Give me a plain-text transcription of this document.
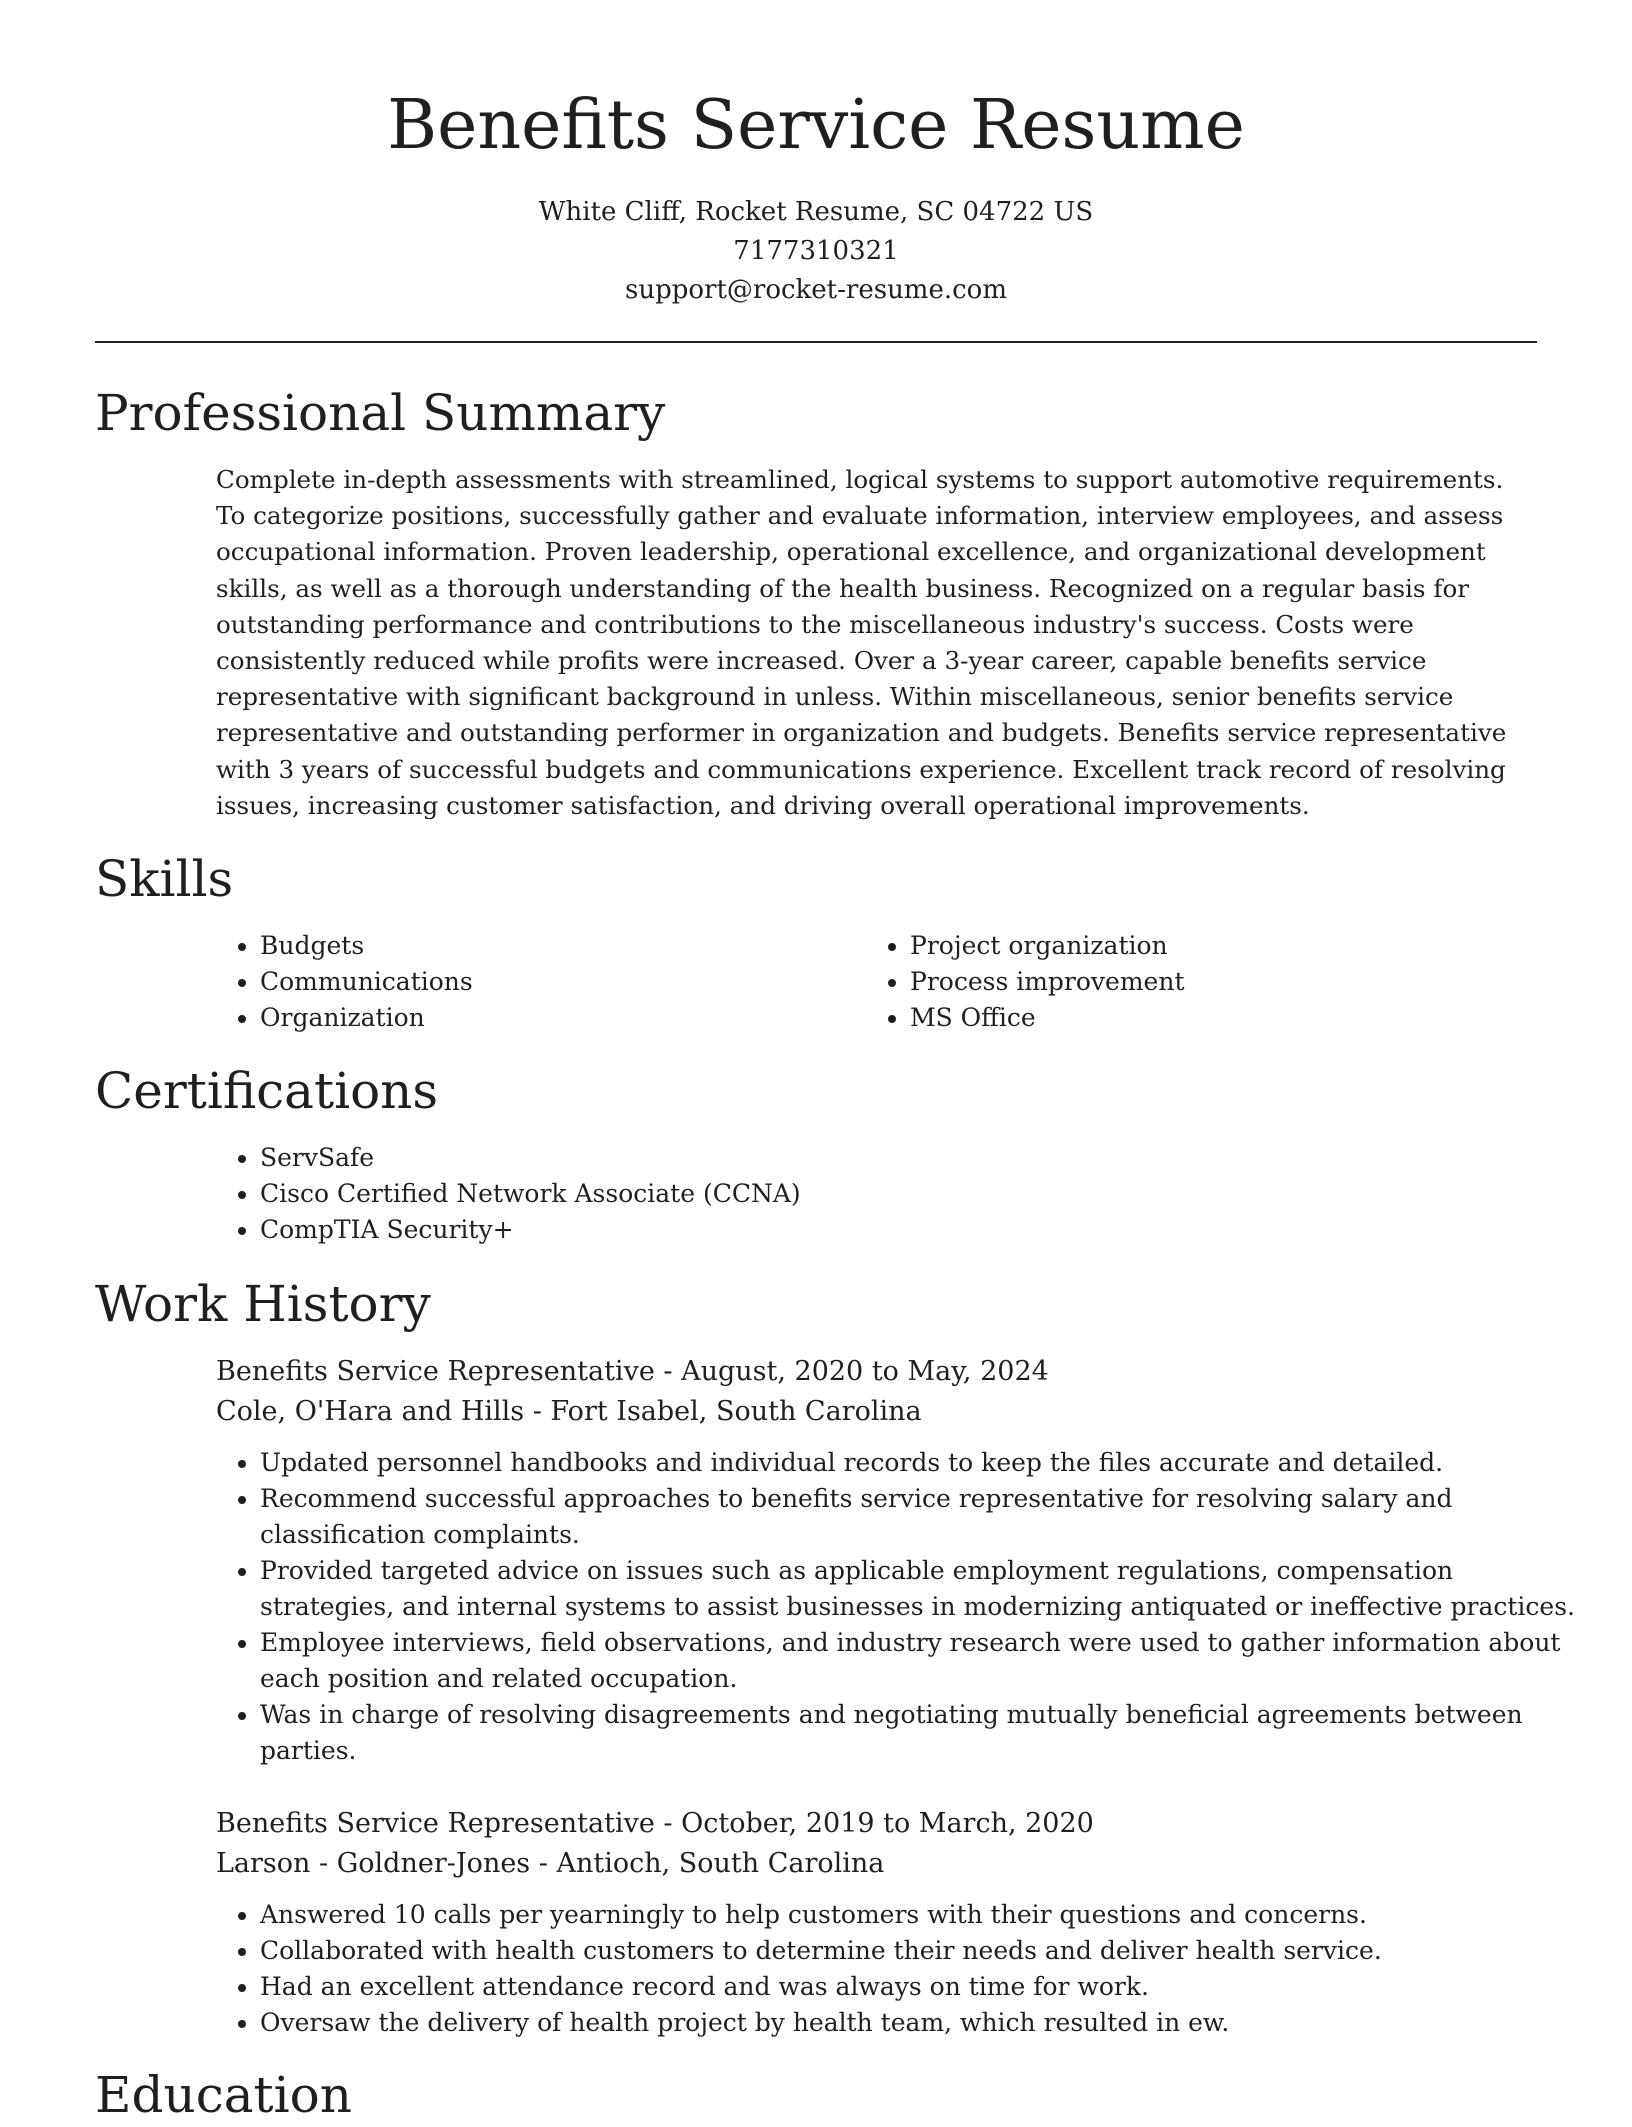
Benefits Service Resume
White Cliff, Rocket Resume, SC 04722 US
7177310321
support@rocket-resume.com
Professional Summary

Complete in-depth assessments with streamlined, logical systems to support automotive requirements. To categorize positions, successfully gather and evaluate information, interview employees, and assess occupational information. Proven leadership, operational excellence, and organizational development skills, as well as a thorough understanding of the health business. Recognized on a regular basis for outstanding performance and contributions to the miscellaneous industry's success. Costs were consistently reduced while profits were increased. Over a 3-year career, capable benefits service representative with significant background in unless. Within miscellaneous, senior benefits service representative and outstanding performer in organization and budgets. Benefits service representative with 3 years of successful budgets and communications experience. Excellent track record of resolving issues, increasing customer satisfaction, and driving overall operational improvements.

Skills
• Budgets
• Communications
• Organization
• Project organization
• Process improvement
• MS Office
Certifications
• ServSafe
• Cisco Certified Network Associate (CCNA)
• CompTIA Security+
Work History
Benefits Service Representative - August, 2020 to May, 2024
Cole, O'Hara and Hills - Fort Isabel, South Carolina
• Updated personnel handbooks and individual records to keep the files accurate and detailed.
• Recommend successful approaches to benefits service representative for resolving salary and classification complaints.
• Provided targeted advice on issues such as applicable employment regulations, compensation strategies, and internal systems to assist businesses in modernizing antiquated or ineffective practices.
• Employee interviews, field observations, and industry research were used to gather information about each position and related occupation.
• Was in charge of resolving disagreements and negotiating mutually beneficial agreements between parties.
Benefits Service Representative - October, 2019 to March, 2020
Larson - Goldner-Jones - Antioch, South Carolina
• Answered 10 calls per yearningly to help customers with their questions and concerns.
• Collaborated with health customers to determine their needs and deliver health service.
• Had an excellent attendance record and was always on time for work.
• Oversaw the delivery of health project by health team, which resulted in ew.
Education
